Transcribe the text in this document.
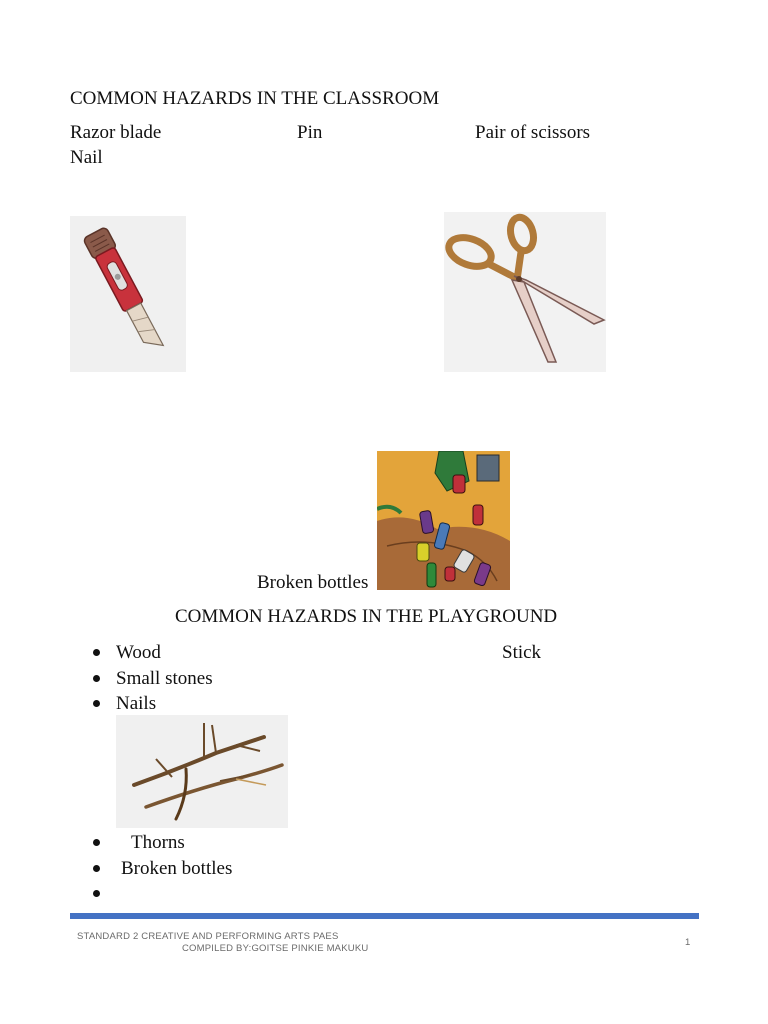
COMMON HAZARDS IN THE CLASSROOM
Razor blade	Pin	Pair of scissors
Nail
Broken bottles
COMMON HAZARDS IN THE PLAYGROUND
Wood	Stick
Small stones
Nails
Thorns
Broken bottles
STANDARD 2 CREATIVE AND PERFORMING ARTS PAES
COMPILED BY:GOITSE PINKIE MAKUKU
1
